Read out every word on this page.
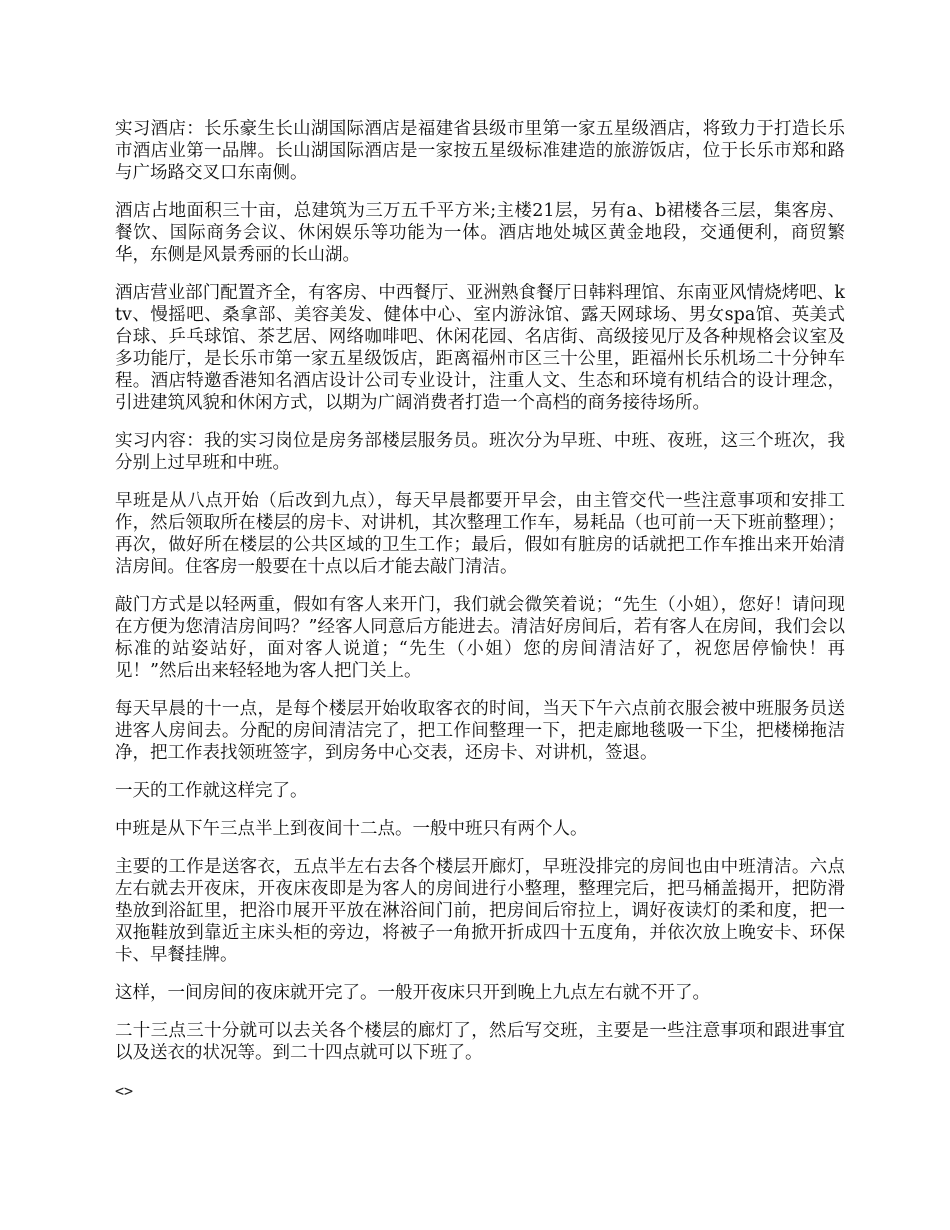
实习酒店：长乐豪生长山湖国际酒店是福建省县级市里第一家五星级酒店，将致力于打造长乐市酒店业第一品牌。长山湖国际酒店是一家按五星级标准建造的旅游饭店，位于长乐市郑和路与广场路交叉口东南侧。

酒店占地面积三十亩，总建筑为三万五千平方米;主楼21层，另有a、b裙楼各三层，集客房、餐饮、国际商务会议、休闲娱乐等功能为一体。酒店地处城区黄金地段，交通便利，商贸繁华，东侧是风景秀丽的长山湖。

酒店营业部门配置齐全，有客房、中西餐厅、亚洲熟食餐厅日韩料理馆、东南亚风情烧烤吧、ktv、慢摇吧、桑拿部、美容美发、健体中心、室内游泳馆、露天网球场、男女spa馆、英美式台球、乒乓球馆、茶艺居、网络咖啡吧、休闲花园、名店街、高级接见厅及各种规格会议室及多功能厅，是长乐市第一家五星级饭店，距离福州市区三十公里，距福州长乐机场二十分钟车程。酒店特邀香港知名酒店设计公司专业设计，注重人文、生态和环境有机结合的设计理念，引进建筑风貌和休闲方式，以期为广阔消费者打造一个高档的商务接待场所。

实习内容：我的实习岗位是房务部楼层服务员。班次分为早班、中班、夜班，这三个班次，我分别上过早班和中班。

早班是从八点开始（后改到九点），每天早晨都要开早会，由主管交代一些注意事项和安排工作，然后领取所在楼层的房卡、对讲机，其次整理工作车，易耗品（也可前一天下班前整理）；再次，做好所在楼层的公共区域的卫生工作；最后，假如有脏房的话就把工作车推出来开始清洁房间。住客房一般要在十点以后才能去敲门清洁。

敲门方式是以轻两重，假如有客人来开门，我们就会微笑着说；“先生（小姐），您好！请问现在方便为您清洁房间吗？”经客人同意后方能进去。清洁好房间后，若有客人在房间，我们会以标准的站姿站好，面对客人说道；“先生（小姐）您的房间清洁好了，祝您居停愉快！再见！”然后出来轻轻地为客人把门关上。

每天早晨的十一点，是每个楼层开始收取客衣的时间，当天下午六点前衣服会被中班服务员送进客人房间去。分配的房间清洁完了，把工作间整理一下，把走廊地毯吸一下尘，把楼梯拖洁净，把工作表找领班签字，到房务中心交表，还房卡、对讲机，签退。

一天的工作就这样完了。

中班是从下午三点半上到夜间十二点。一般中班只有两个人。

主要的工作是送客衣，五点半左右去各个楼层开廊灯，早班没排完的房间也由中班清洁。六点左右就去开夜床，开夜床夜即是为客人的房间进行小整理，整理完后，把马桶盖揭开，把防滑垫放到浴缸里，把浴巾展开平放在淋浴间门前，把房间后帘拉上，调好夜读灯的柔和度，把一双拖鞋放到靠近主床头柜的旁边，将被子一角掀开折成四十五度角，并依次放上晚安卡、环保卡、早餐挂牌。

这样，一间房间的夜床就开完了。一般开夜床只开到晚上九点左右就不开了。

二十三点三十分就可以去关各个楼层的廊灯了，然后写交班，主要是一些注意事项和跟进事宜以及送衣的状况等。到二十四点就可以下班了。

<>
